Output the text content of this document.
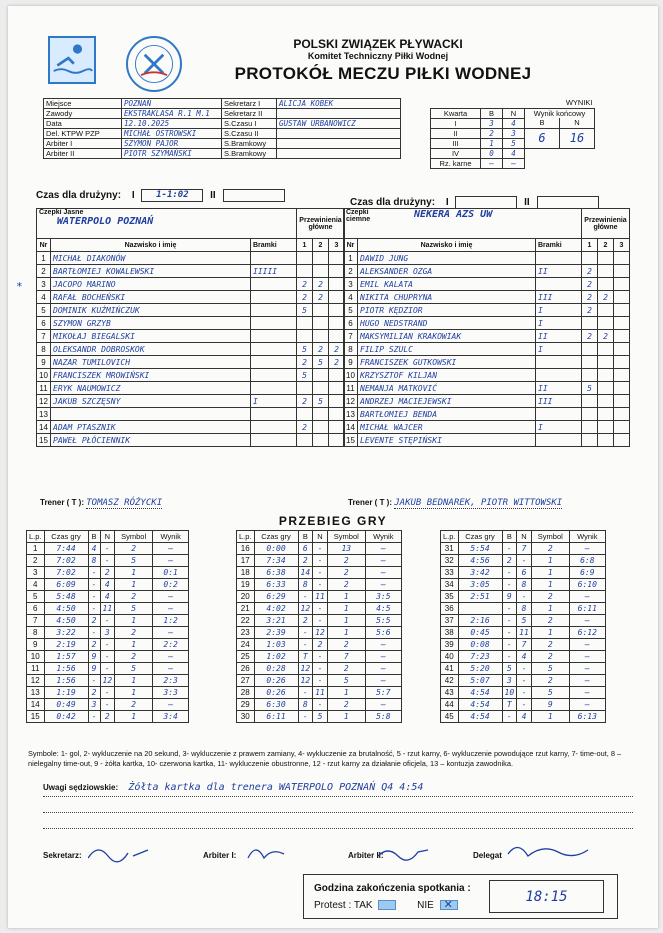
POLSKI ZWIĄZEK PŁYWACKI
Komitet Techniczny Piłki Wodnej
PROTOKÓŁ MECZU PIŁKI WODNEJ
Miejsce	POZNAŃ	Sekretarz I	ALICJA KOBEK
Zawody	EKSTRAKLASA R.1 M.1	Sekretarz II	
Data	12.10.2025	S.Czasu I	GUSTAW URBANOWICZ
Del. KTPW PZP	MICHAŁ OSTROWSKI	S.Czasu II	
Arbiter I	SZYMON PAJOR	S.Bramkowy	
Arbiter II	PIOTR SZYMAŃSKI	S.Bramkowy	
WYNIKI				
Kwarta	B	N	Wynik końcowy	
I	3	4	B	N
II	2	3	6	16
III	1	5		
IV	0	4		
Rz. karne	—	—		
Czas dla drużyny: I 1-1:02 II
Czas dla drużyny: I	II
*
Czepki Jasne
WATERPOLO POZNAŃ			Przewinienia główne		
Nr	Nazwisko i imię	Bramki	1	2	3
1	MICHAŁ DIAKONÓW				
2	BARTŁOMIEJ KOWALEWSKI	IIIII			
3	JACOPO MARINO		2	2	
4	RAFAŁ BOCHEŃSKI		2	2	
5	DOMINIK KUŹMIŃCZUK		5		
6	SZYMON GRZYB				
7	MIKOŁAJ BIEGALSKI				
8	OLEKSANDR DOBROSKOK		5	2	2
9	NAZAR TUMILOVICH		2	5	2
10	FRANCISZEK MROWIŃSKI		5		
11	ERYK NAUMOWICZ				
12	JAKUB SZCZĘSNY	I	2	5	
13					
14	ADAM PTASZNIK		2		
15	PAWEŁ PŁÓCIENNIK				
Czepki ciemne NEKERA AZS UW			Przewinienia główne		
Nr	Nazwisko i imię	Bramki	1	2	3
1	DAWID JUNG				
2	ALEKSANDER OZGA	II	2		
3	EMIL KALATA		2		
4	NIKITA CHUPRYNA	III	2	2	
5	PIOTR KĘDZIOR	I	2		
6	HUGO NEDSTRAND	I			
7	MAKSYMILIAN KRAKOWIAK	II	2	2	
8	FILIP SZULC	I			
9	FRANCISZEK GUTKOWSKI				
10	KRZYSZTOF KILJAN				
11	NEMANJA MATKOVIĆ	II	5		
12	ANDRZEJ MACIEJEWSKI	III			
13	BARTŁOMIEJ BENDA				
14	MICHAŁ WAJCER	I			
15	LEVENTE STĘPIŃSKI				
Trener ( T ): TOMASZ RÓŻYCKI	Trener ( T ): JAKUB BEDNAREK, PIOTR WITTOWSKI
PRZEBIEG GRY
L.p.	Czas gry	B	N	Symbol	Wynik
1	7:44	4	-	2	—
2	7:02	8	-	5	—
3	7:02	-	2	1	0:1
4	6:09	-	4	1	0:2
5	5:48	-	4	2	—
6	4:50	-	11	5	—
7	4:50	2	-	1	1:2
8	3:22	-	3	2	—
9	2:19	2	-	1	2:2
10	1:57	9	-	2	—
11	1:56	9	-	5	—
12	1:56	-	12	1	2:3
13	1:19	2	-	1	3:3
14	0:49	3	-	2	—
15	0:42	-	2	1	3:4
L.p.	Czas gry	B	N	Symbol	Wynik
16	0:00	6	-	13	—
17	7:34	2	-	2	—
18	6:38	14	-	2	—
19	6:33	8	-	2	—
20	6:29	-	11	1	3:5
21	4:02	12	-	1	4:5
22	3:21	2	-	1	5:5
23	2:39	-	12	1	5:6
24	1:03	-	2	2	—
25	1:02	T	-	7	—
26	0:28	12	-	2	—
27	0:26	12	-	5	—
28	0:26	-	11	1	5:7
29	6:30	8	-	2	—
30	6:11	-	5	1	5:8
L.p.	Czas gry	B	N	Symbol	Wynik
31	5:54	-	7	2	—
32	4:56	2	-	1	6:8
33	3:42	-	6	1	6:9
34	3:05	-	8	1	6:10
35	2:51	9	-	2	—
36		-	8	1	6:11
37	2:16	-	5	2	—
38	0:45	-	11	1	6:12
39	0:08	-	7	2	—
40	7:23	-	4	2	—
41	5:20	5	-	5	—
42	5:07	3	-	2	—
43	4:54	10	-	5	—
44	4:54	T	-	9	—
45	4:54	-	4	1	6:13
Symbole: 1- gol, 2- wykluczenie na 20 sekund, 3- wykluczenie z prawem zamiany, 4- wykluczenie za brutalność, 5 - rzut karny, 6- wykluczenie powodujące rzut karny, 7- time-out, 8 – nielegalny time-out, 9 - żółta kartka, 10- czerwona kartka, 11- wykluczenie obustronne, 12 - rzut karny za działanie oficjela, 13 – kontuzja zawodnika.
Uwagi sędziowskie: Żółta kartka dla trenera WATERPOLO POZNAŃ Q4 4:54
Sekretarz:	Arbiter I:	Arbiter II:	Delegat
Godzina zakończenia spotkania :
Protest : TAK	NIE ✕
18:15
